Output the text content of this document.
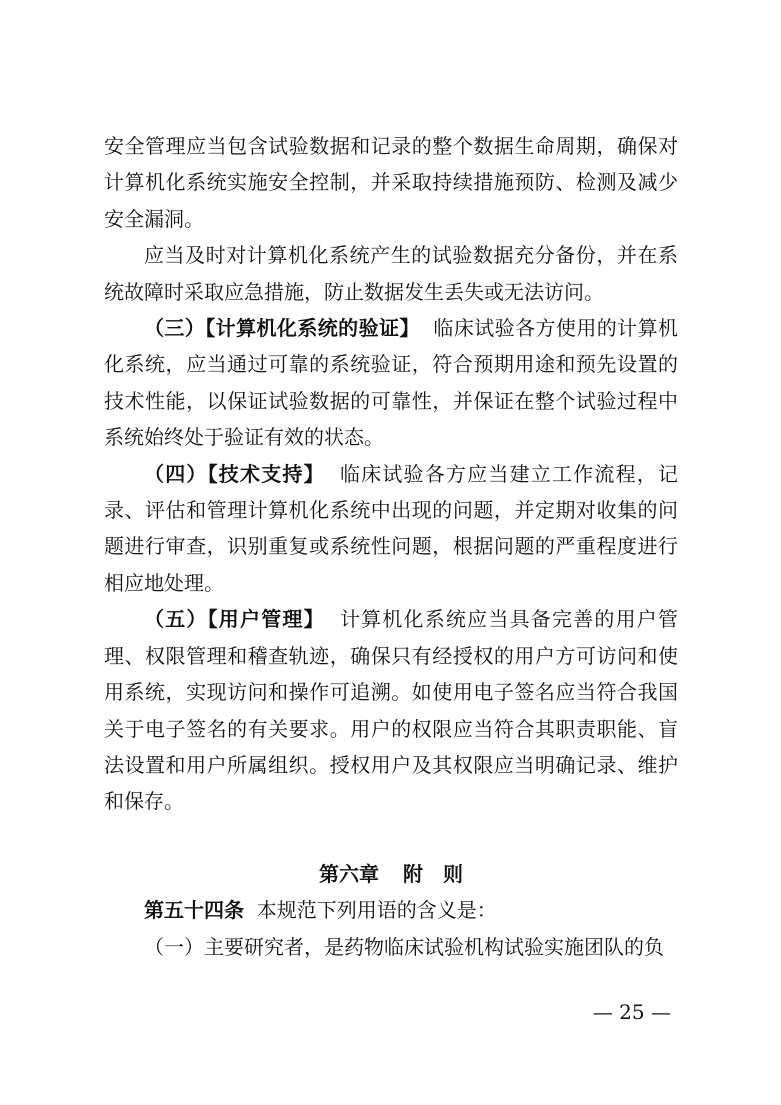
安全管理应当包含试验数据和记录的整个数据生命周期，确保对计算机化系统实施安全控制，并采取持续措施预防、检测及减少安全漏洞。

应当及时对计算机化系统产生的试验数据充分备份，并在系统故障时采取应急措施，防止数据发生丢失或无法访问。

（三）【计算机化系统的验证】 临床试验各方使用的计算机化系统，应当通过可靠的系统验证，符合预期用途和预先设置的技术性能，以保证试验数据的可靠性，并保证在整个试验过程中系统始终处于验证有效的状态。

（四）【技术支持】 临床试验各方应当建立工作流程，记录、评估和管理计算机化系统中出现的问题，并定期对收集的问题进行审查，识别重复或系统性问题，根据问题的严重程度进行相应地处理。

（五）【用户管理】 计算机化系统应当具备完善的用户管理、权限管理和稽查轨迹，确保只有经授权的用户方可访问和使用系统，实现访问和操作可追溯。如使用电子签名应当符合我国关于电子签名的有关要求。用户的权限应当符合其职责职能、盲法设置和用户所属组织。授权用户及其权限应当明确记录、维护和保存。

第六章 附　则

第五十四条 本规范下列用语的含义是：

（一）主要研究者，是药物临床试验机构试验实施团队的负

— 25 —
